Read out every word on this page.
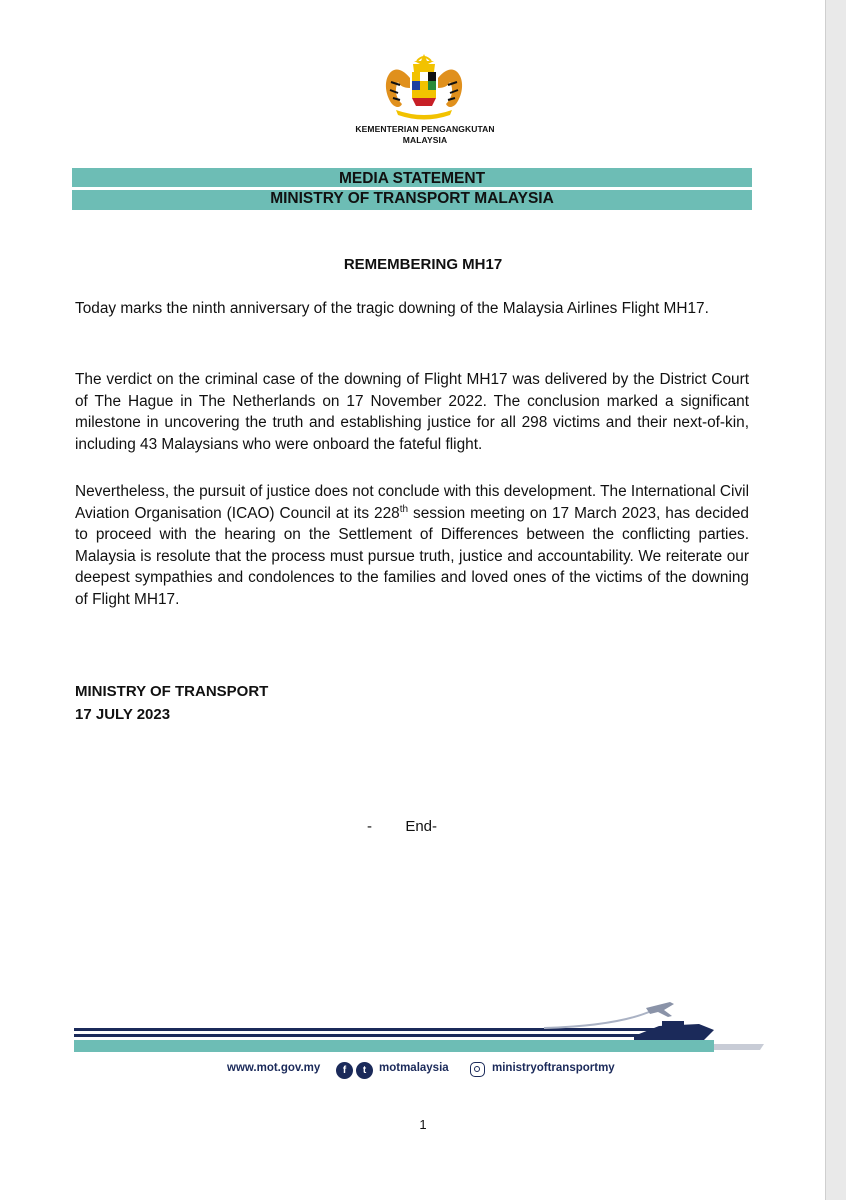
KEMENTERIAN PENGANGKUTAN
MALAYSIA
MEDIA STATEMENT
MINISTRY OF TRANSPORT MALAYSIA
REMEMBERING MH17
Today marks the ninth anniversary of the tragic downing of the Malaysia Airlines Flight MH17.
The verdict on the criminal case of the downing of Flight MH17 was delivered by the District Court of The Hague in The Netherlands on 17 November 2022. The conclusion marked a significant milestone in uncovering the truth and establishing justice for all 298 victims and their next-of-kin, including 43 Malaysians who were onboard the fateful flight.
Nevertheless, the pursuit of justice does not conclude with this development. The International Civil Aviation Organisation (ICAO) Council at its 228th session meeting on 17 March 2023, has decided to proceed with the hearing on the Settlement of Differences between the conflicting parties. Malaysia is resolute that the process must pursue truth, justice and accountability. We reiterate our deepest sympathies and condolences to the families and loved ones of the victims of the downing of Flight MH17.
MINISTRY OF TRANSPORT
17 JULY 2023
-        End-
www.mot.gov.my	f	t	motmalaysia	ministryoftransportmy
1
